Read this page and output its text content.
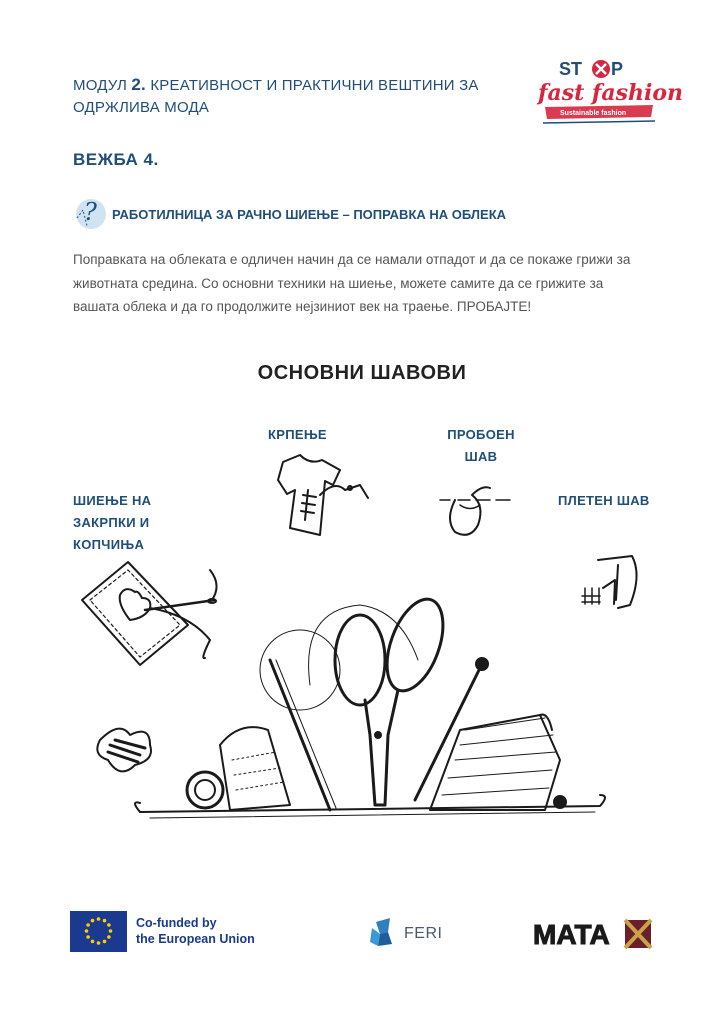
МОДУЛ 2. КРЕАТИВНОСТ И ПРАКТИЧНИ ВЕШТИНИ ЗА ОДРЖЛИВА МОДА
ST P
fast fashion
Sustainable fashion
ВЕЖБА 4.
? РАБОТИЛНИЦА ЗА РАЧНО ШИЕЊЕ – ПОПРАВКА НА ОБЛЕКА
Поправката на облеката е одличен начин да се намали отпадот и да се покаже грижи за животната средина. Со основни техники на шиење, можете самите да се грижите за вашата облека и да го продолжите нејзиниот век на траење. ПРОБАЈТЕ!
ОСНОВНИ ШАВОВИ
КРПЕЊЕ	ПРОБОЕН ШАВ
ШИЕЊЕ НА ЗАКРПКИ И КОПЧИЊА
ПЛЕТЕН ШАВ
Co-funded by
the European Union	FERI	MATA
